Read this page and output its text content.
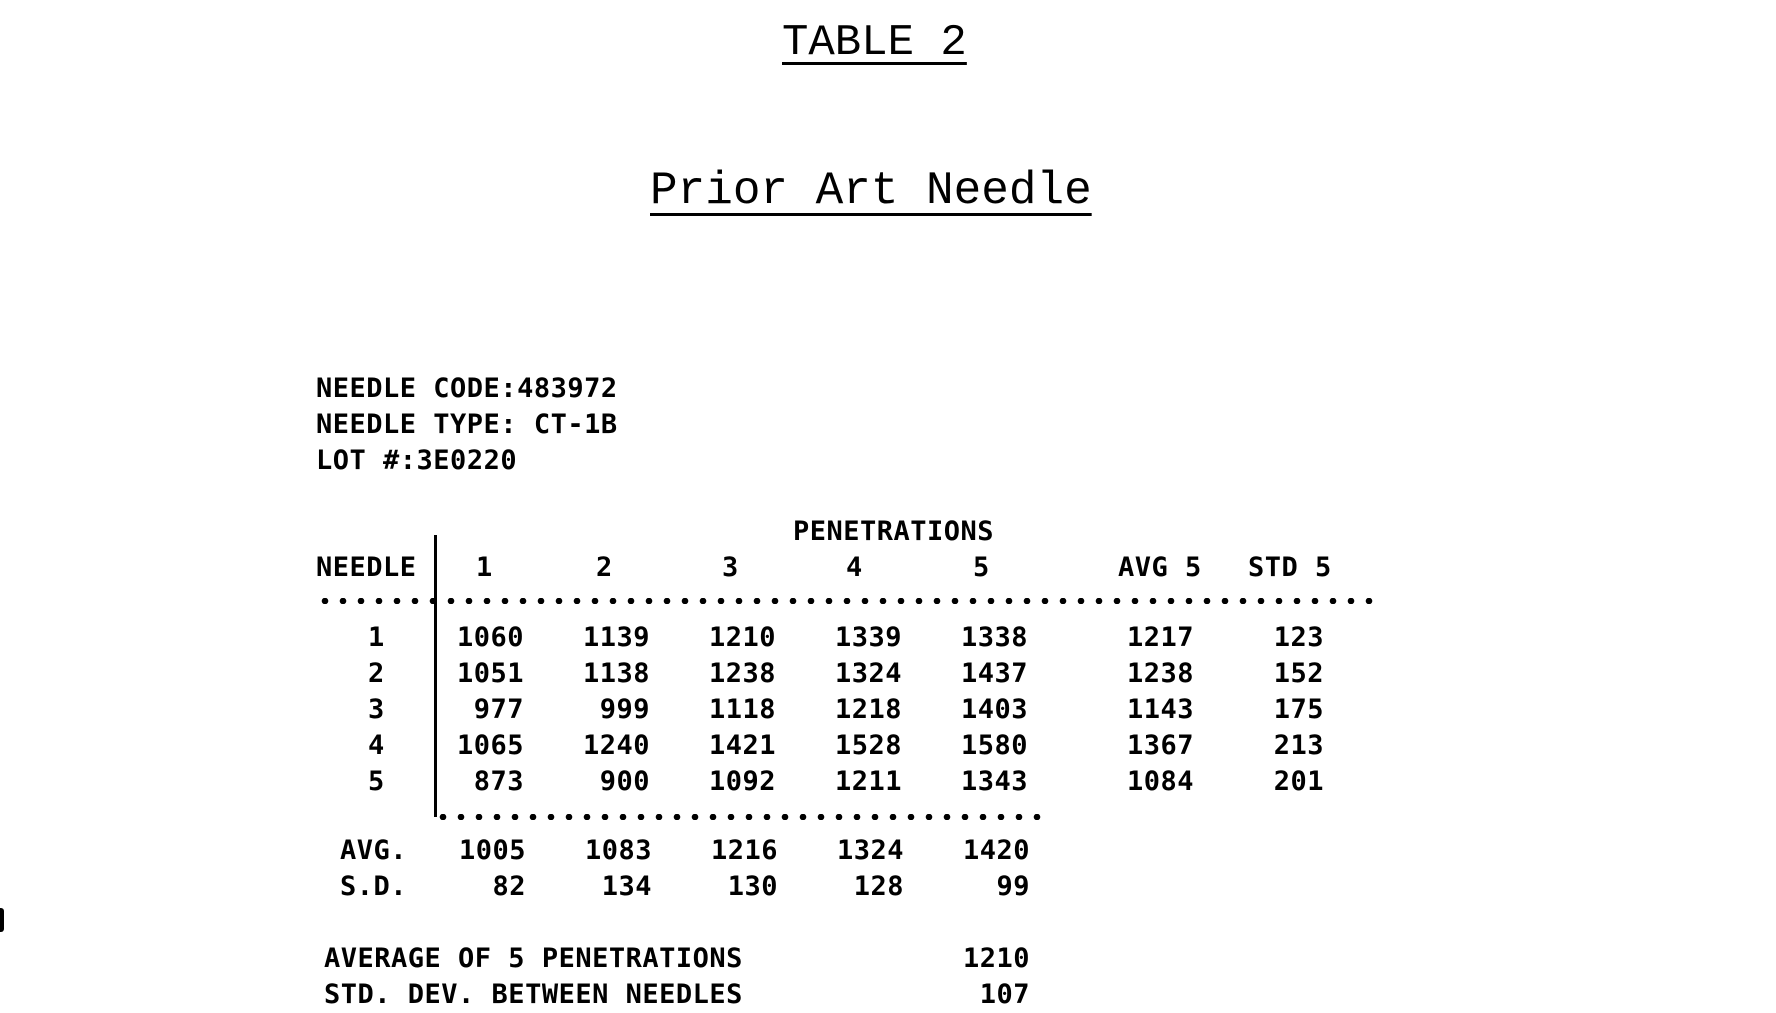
TABLE 2
Prior Art Needle
NEEDLE CODE:483972
NEEDLE TYPE: CT-1B
LOT #:3E0220
PENETRATIONS
NEEDLE 1	2	3	4	5	AVG 5 STD 5
1	1060	1139	1210	1339	1338	1217	123
2	1051	1138	1238	1324	1437	1238	152
3	977	999	1118	1218	1403	1143	175
4	1065	1240	1421	1528	1580	1367	213
5	873	900	1092	1211	1343	1084	201
AVG.	1005	1083	1216	1324	1420
S.D.	82	134	130	128	99
AVERAGE OF 5 PENETRATIONS	1210
STD. DEV. BETWEEN NEEDLES	107
